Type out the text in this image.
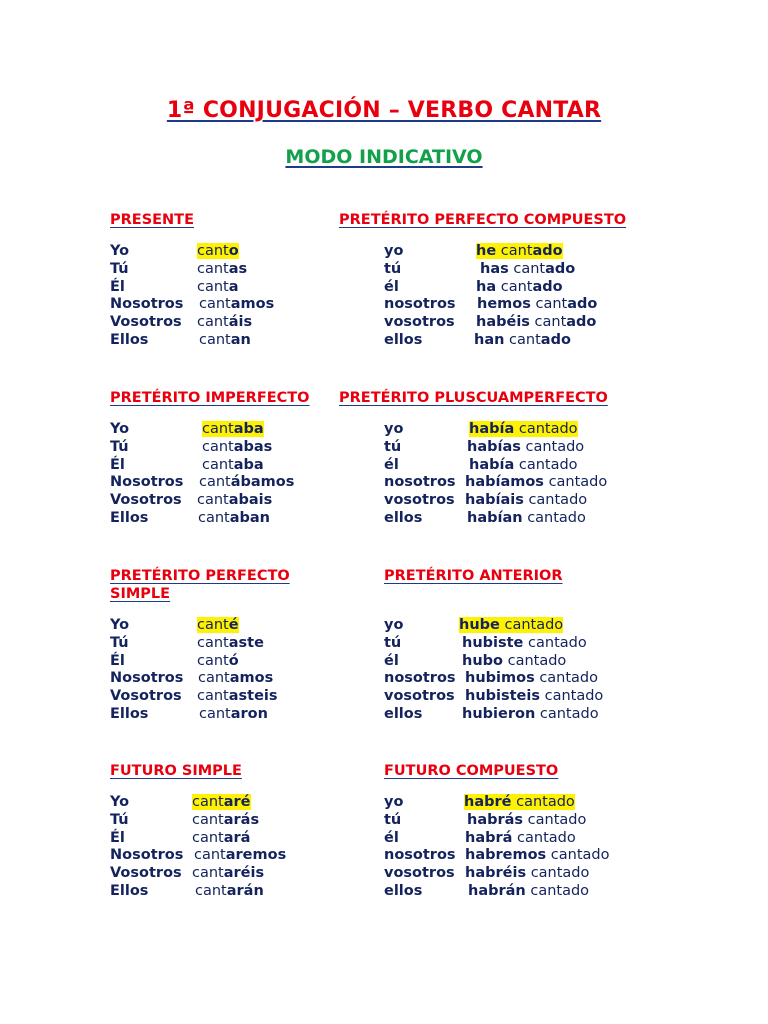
1ª CONJUGACIÓN – VERBO CANTAR
MODO INDICATIVO
PRESENTE
Yo	canto
Tú	cantas
Él	canta
Nosotros cantamos
Vosotros cantáis
Ellos	cantan
PRETÉRITO PERFECTO COMPUESTO
yo	he cantado
tú	has cantado
él	ha cantado
nosotros hemos cantado
vosotros habéis cantado
ellos	han cantado
PRETÉRITO IMPERFECTO
Yo	cantaba
Tú	cantabas
Él	cantaba
Nosotros cantábamos
Vosotros cantabais
Ellos	cantaban
PRETÉRITO PLUSCUAMPERFECTO
yo	había cantado
tú	habías cantado
él	había cantado
nosotros habíamos cantado
vosotros habíais cantado
ellos	habían cantado
PRETÉRITO PERFECTO
SIMPLE
Yo	canté
Tú	cantaste
Él	cantó
Nosotros cantamos
Vosotros cantasteis
Ellos	cantaron
PRETÉRITO ANTERIOR
yo	hube cantado
tú	hubiste cantado
él	hubo cantado
nosotros hubimos cantado
vosotros hubisteis cantado
ellos	hubieron cantado
FUTURO SIMPLE
Yo	cantaré
Tú	cantarás
Él	cantará
Nosotros cantaremos
Vosotros cantaréis
Ellos	cantarán
FUTURO COMPUESTO
yo	habré cantado
tú	habrás cantado
él	habrá cantado
nosotros habremos cantado
vosotros habréis cantado
ellos	habrán cantado
